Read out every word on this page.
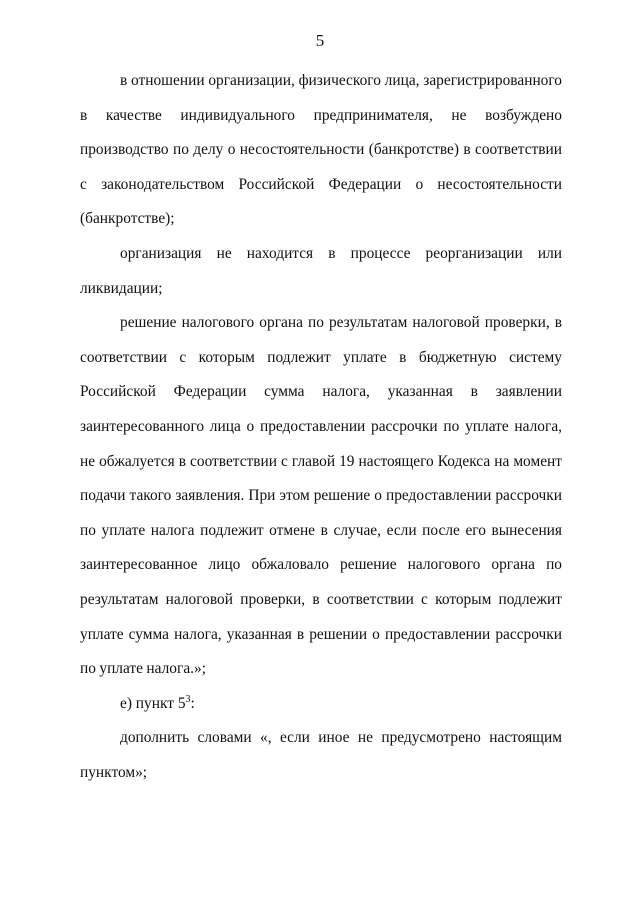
5

в отношении организации, физического лица, зарегистрированного в качестве индивидуального предпринимателя, не возбуждено производство по делу о несостоятельности (банкротстве) в соответствии с законодательством Российской Федерации о несостоятельности (банкротстве);

организация не находится в процессе реорганизации или ликвидации;

решение налогового органа по результатам налоговой проверки, в соответствии с которым подлежит уплате в бюджетную систему Российской Федерации сумма налога, указанная в заявлении заинтересованного лица о предоставлении рассрочки по уплате налога, не обжалуется в соответствии с главой 19 настоящего Кодекса на момент подачи такого заявления. При этом решение о предоставлении рассрочки по уплате налога подлежит отмене в случае, если после его вынесения заинтересованное лицо обжаловало решение налогового органа по результатам налоговой проверки, в соответствии с которым подлежит уплате сумма налога, указанная в решении о предоставлении рассрочки по уплате налога.»;

е) пункт $5^3$:

дополнить словами «, если иное не предусмотрено настоящим пунктом»;
